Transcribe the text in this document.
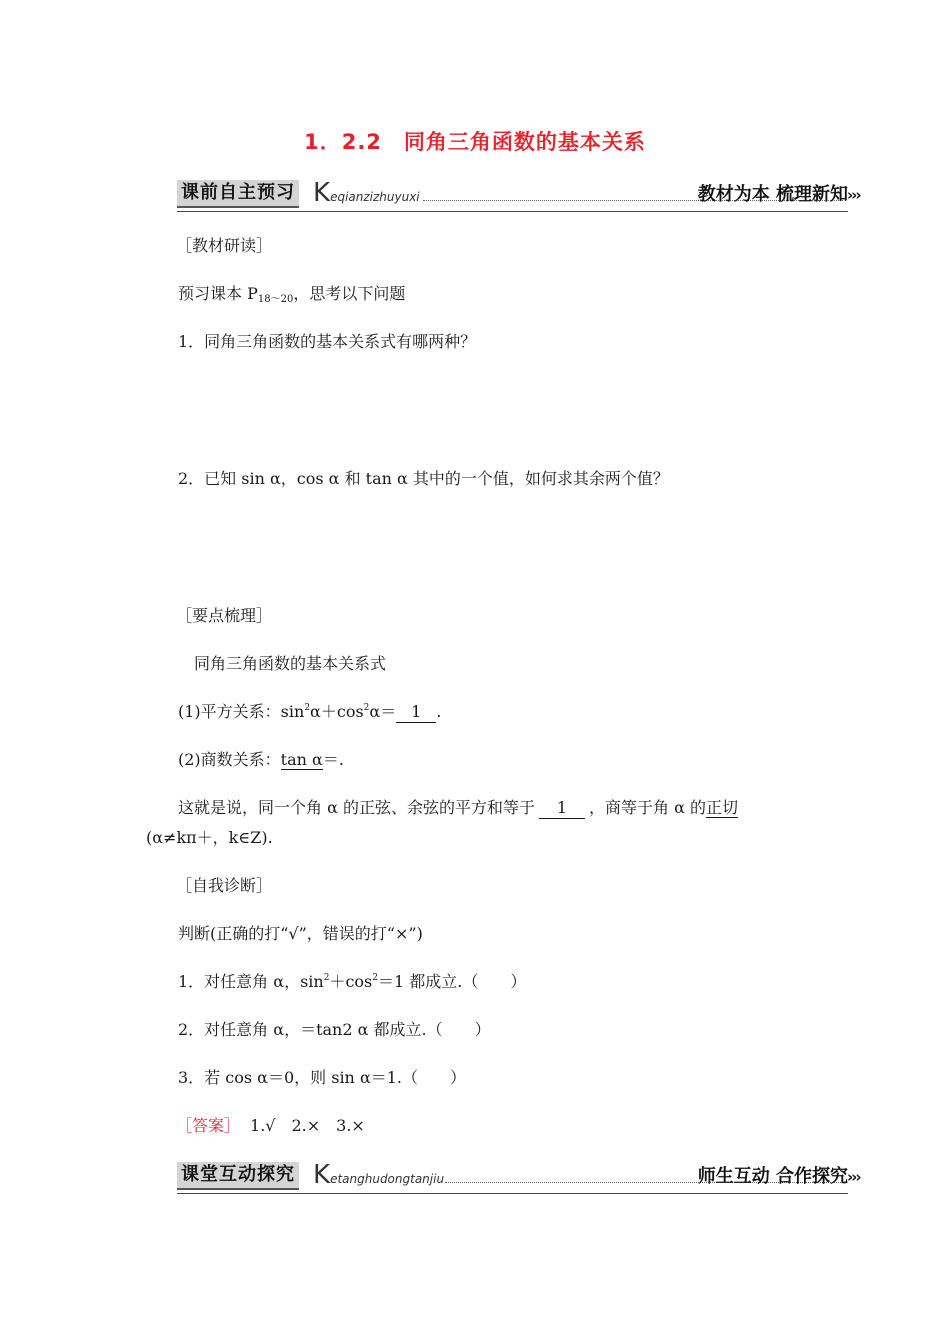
1．2.2　同角三角函数的基本关系
课前自主预习 Keqianzizhuyuxi	›››
教材为本 梳理新知
［教材研读］
预习课本 $P_{18\sim 20}$，思考以下问题
1．同角三角函数的基本关系式有哪两种？
2．已知 sin α，cos α 和 tan α 其中的一个值，如何求其余两个值？
［要点梳理］
同角三角函数的基本关系式
(1)平方关系：$\sin^2\alpha+\cos^2\alpha= 1$ .
(2)商数关系：tan α＝.
这就是说，同一个角 α 的正弦、余弦的平方和等于 1 ，商等于角 α 的正切
(α≠kπ＋，k∈Z).
［自我诊断］
判断(正确的打“√”，错误的打“×”)
1．对任意角 α，$\sin^2+\cos^2=1$ 都成立.（　　）
2．对任意角 α，＝tan2 α 都成立.（　　）
3．若 cos α＝0，则 sin α＝1.（　　）
［答案］ 1.√　2.×　3.×
课堂互动探究 Ketanghudongtanjiu	›››
师生互动 合作探究
